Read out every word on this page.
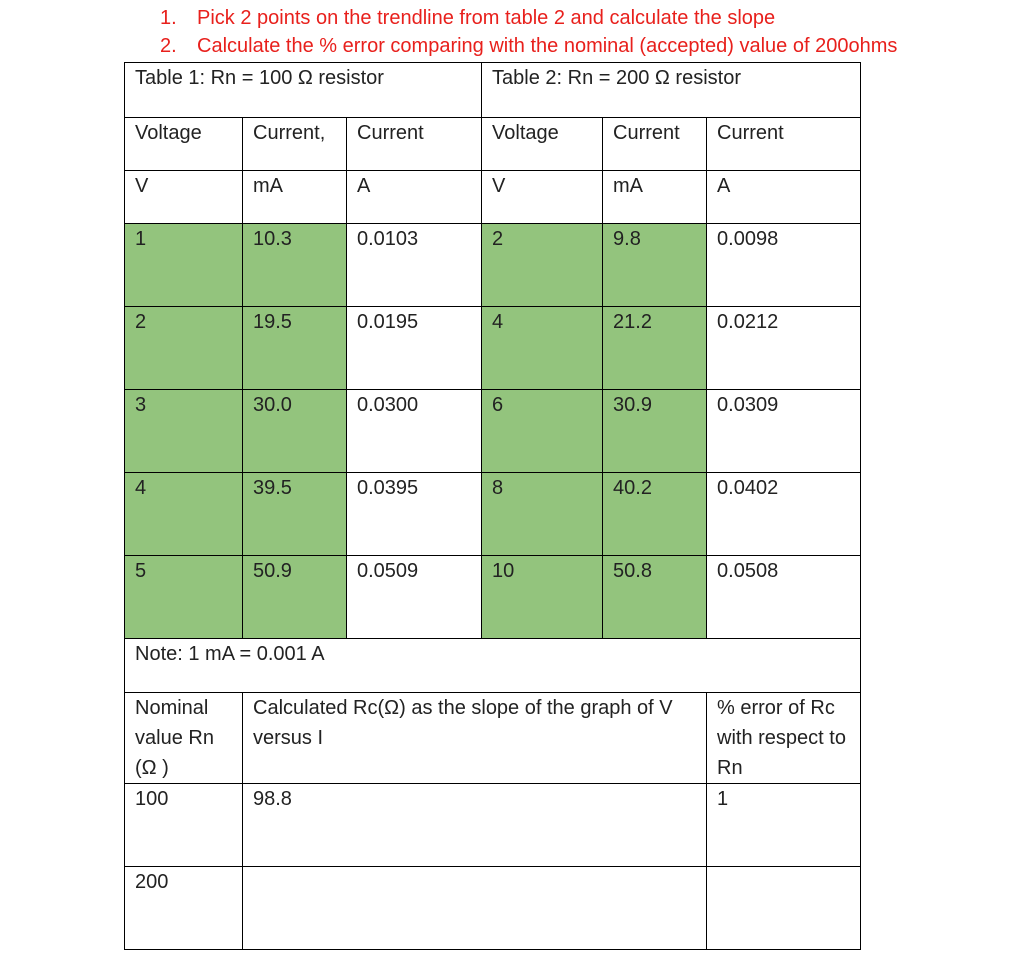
1. Pick 2 points on the trendline from table 2 and calculate the slope
2. Calculate the % error comparing with the nominal (accepted) value of 200ohms
Table 1: Rn = 100 Ω resistor			Table 2: Rn = 200 Ω resistor		
Voltage	Current,	Current	Voltage	Current	Current
V	mA	A	V	mA	A
1	10.3	0.0103	2	9.8	0.0098
2	19.5	0.0195	4	21.2	0.0212
3	30.0	0.0300	6	30.9	0.0309
4	39.5	0.0395	8	40.2	0.0402
5	50.9	0.0509	10	50.8	0.0508
Note: 1 mA = 0.001 A					
Nominal value Rn (Ω )	Calculated Rc(Ω) as the slope of the graph of V versus I				% error of Rc with respect to Rn
100	98.8				1
200					
